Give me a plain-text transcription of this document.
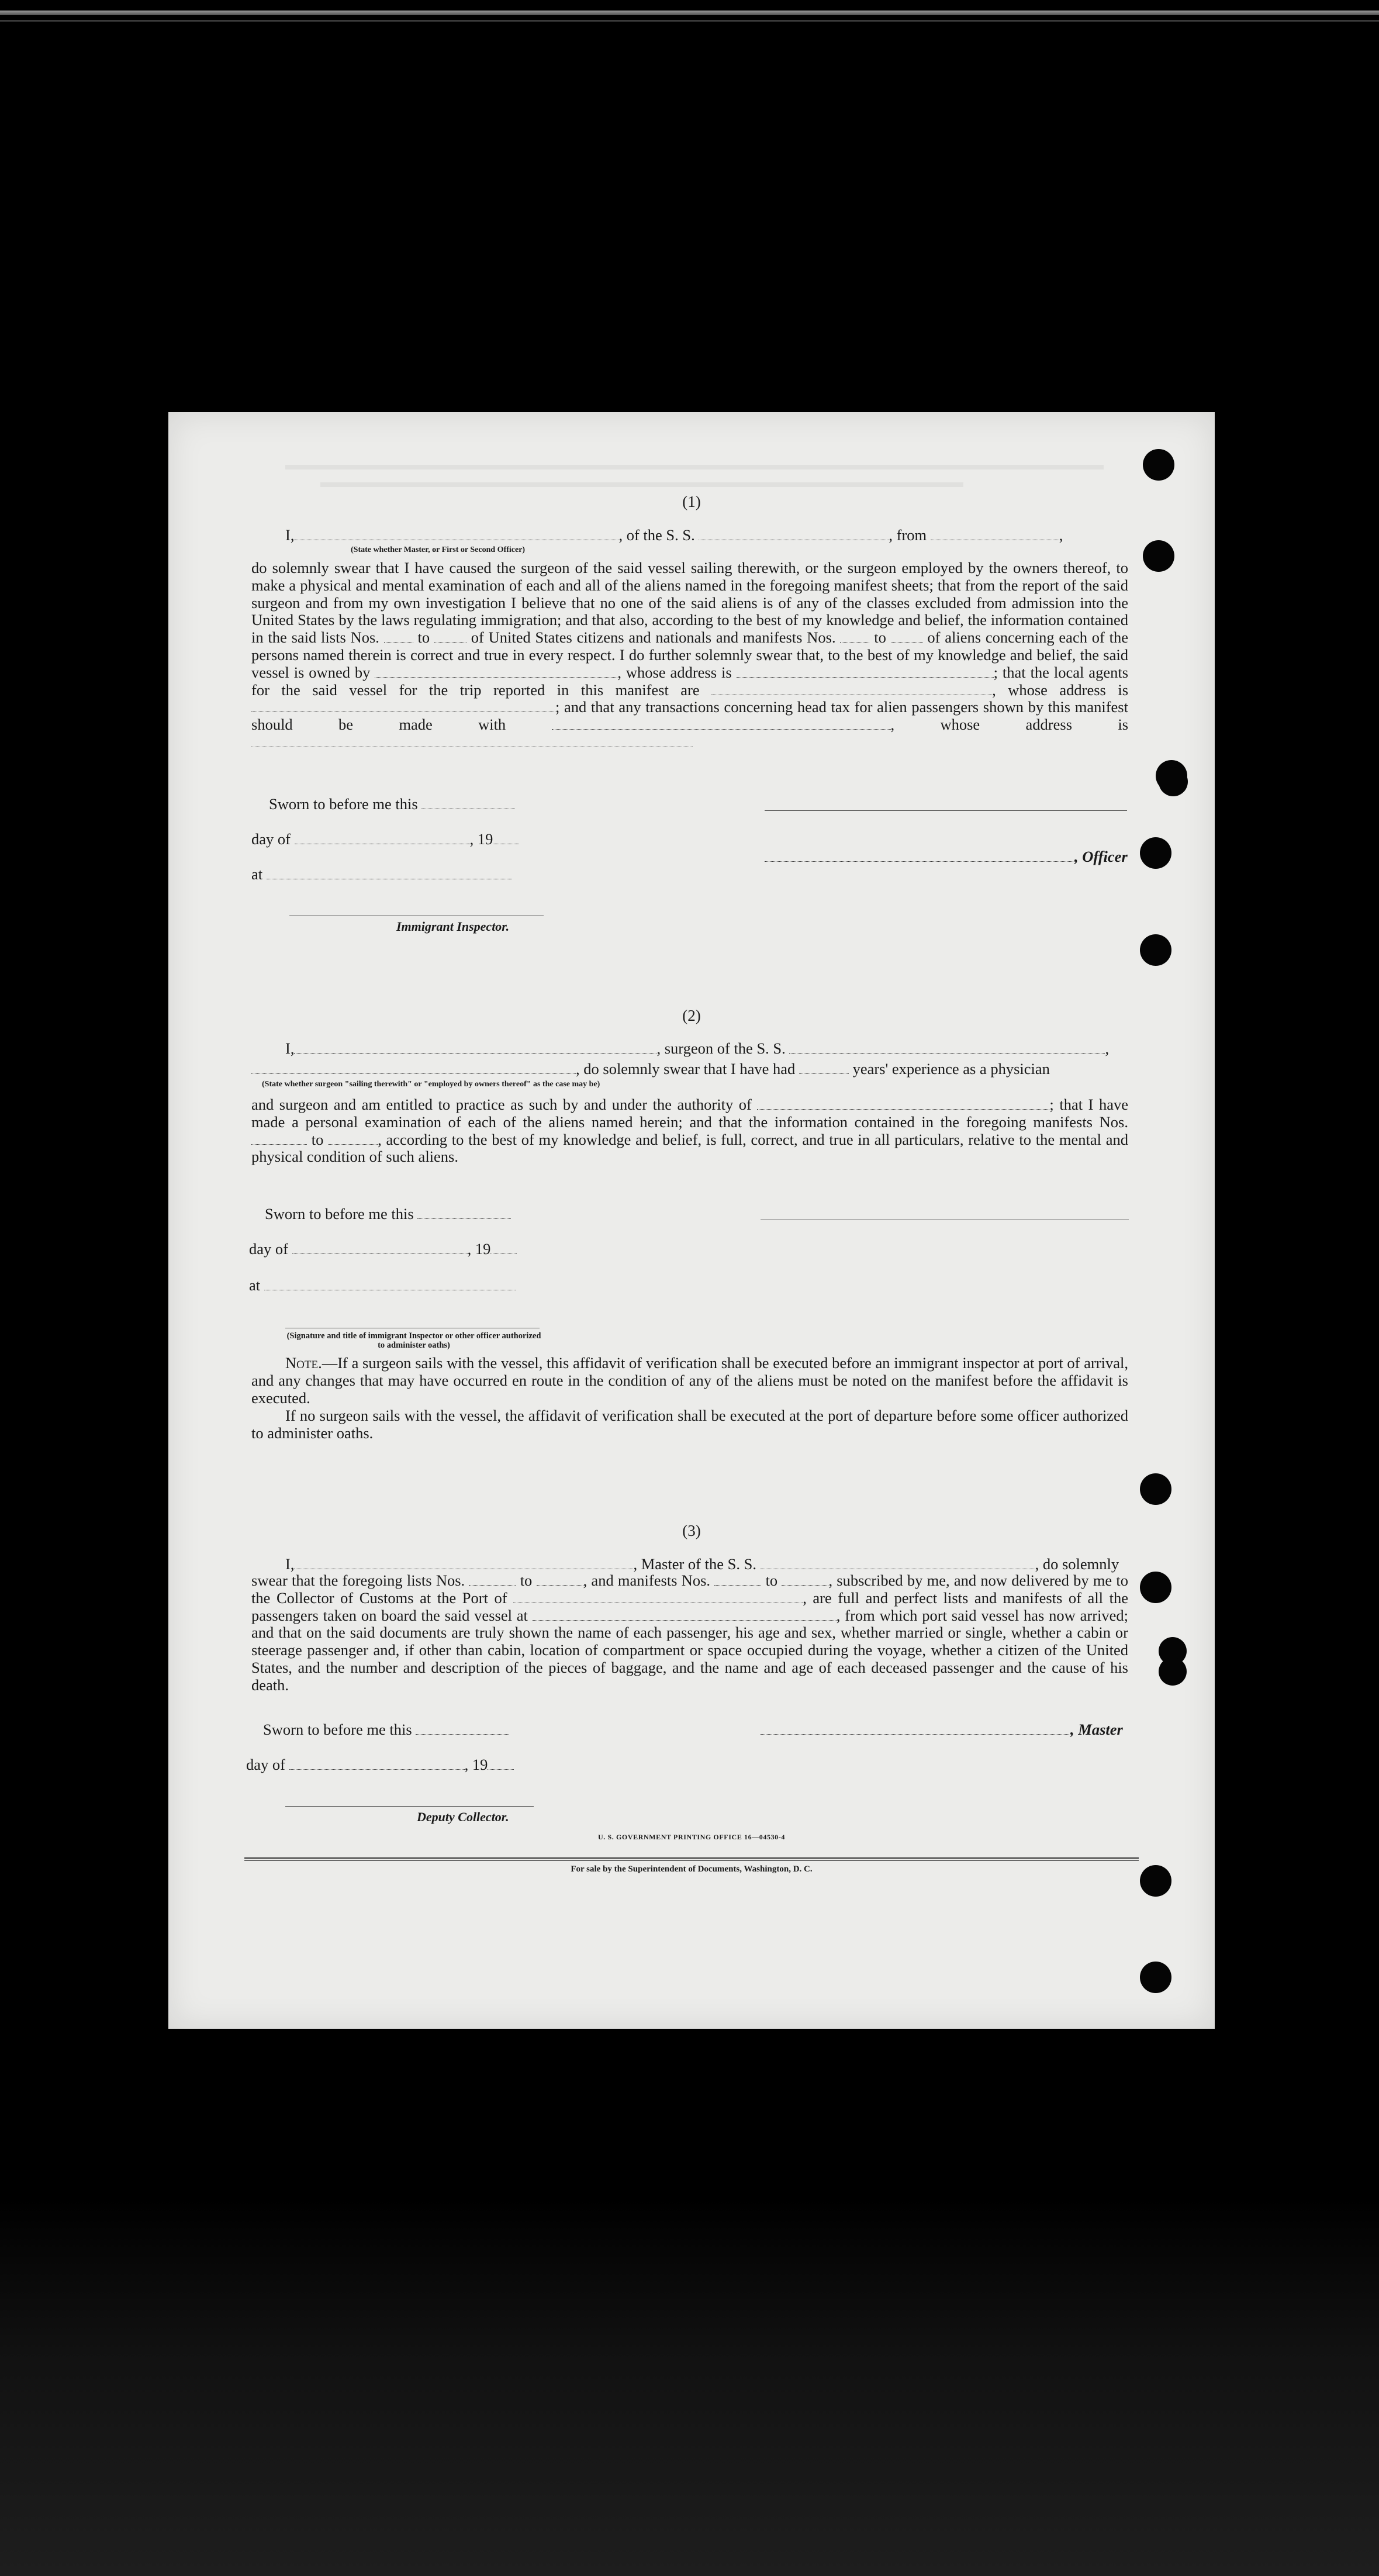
(1)
I,	, of the S. S.	, from	,
(State whether Master, or First or Second Officer)
do solemnly swear that I have caused the surgeon of the said vessel sailing therewith, or the surgeon employed by the owners thereof, to make a physical and mental examination of each and all of the aliens named in the foregoing manifest sheets; that from the report of the said surgeon and from my own investigation I believe that no one of the said aliens is of any of the classes excluded from admission into the United States by the laws regulating immigration; and that also, according to the best of my knowledge and belief, the information contained in the said lists Nos. to	of United States citizens and nationals and manifests Nos. to	of aliens concerning each of the persons named therein is correct and true in every respect. I do further solemnly swear that, to the best of my knowledge and belief, the said vessel is owned by	, whose address is	; that the local agents for the said vessel for the trip reported in this manifest are	, whose address is ; and that any transactions concerning head tax for alien passengers shown by this manifest should be made with	, whose address is
Sworn to before me this
day of	, 19
, Officer
at
Immigrant Inspector.
(2)
I,	, surgeon of the S. S.	,
, do solemnly swear that I have had	years' experience as a physician
(State whether surgeon "sailing therewith" or "employed by owners thereof" as the case may be)
and surgeon and am entitled to practice as such by and under the authority of	; that I have made a personal examination of each of the aliens named herein; and that the information contained in the foregoing manifests Nos.  to	, according to the best of my knowledge and belief, is full, correct, and true in all particulars, relative to the mental and physical condition of such aliens.
Sworn to before me this
day of	, 19
at
(Signature and title of immigrant Inspector or other officer authorized to administer oaths)
Note.—If a surgeon sails with the vessel, this affidavit of verification shall be executed before an immigrant inspector at port of arrival, and any changes that may have occurred en route in the condition of any of the aliens must be noted on the manifest before the affidavit is executed.
If no surgeon sails with the vessel, the affidavit of verification shall be executed at the port of departure before some officer authorized to administer oaths.
(3)
I,	, Master of the S. S.	, do solemnly
swear that the foregoing lists Nos.	to	, and manifests Nos.	to	, subscribed by me, and now delivered by me to the Collector of Customs at the Port of	, are full and perfect lists and manifests of all the passengers taken on board the said vessel at	, from which port said vessel has now arrived; and that on the said documents are truly shown the name of each passenger, his age and sex, whether married or single, whether a cabin or steerage passenger and, if other than cabin, location of compartment or space occupied during the voyage, whether a citizen of the United States, and the number and description of the pieces of baggage, and the name and age of each deceased passenger and the cause of his death.
Sworn to before me this	, Master
day of	, 19
Deputy Collector.
U. S. GOVERNMENT PRINTING OFFICE 16—04530-4
For sale by the Superintendent of Documents, Washington, D. C.
